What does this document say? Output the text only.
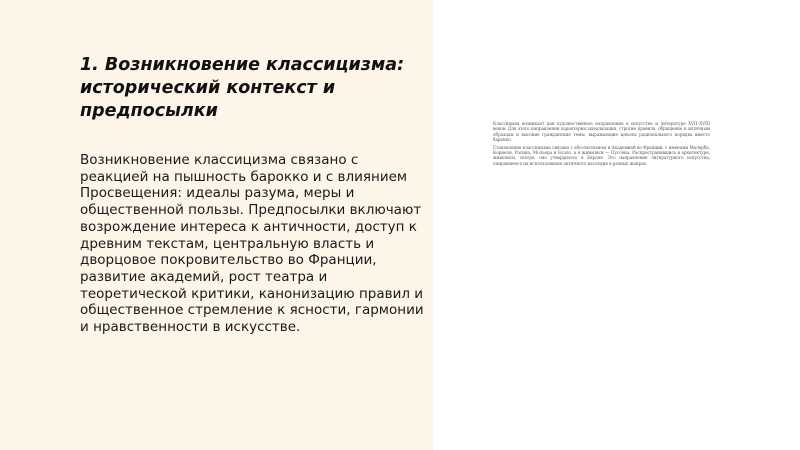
1. Возникновение классицизма: исторический контекст и предпосылки

Возникновение классицизма связано с реакцией на пышность барокко и с влиянием Просвещения: идеалы разума, меры и общественной пользы. Предпосылки включают возрождение интереса к античности, доступ к древним текстам, центральную власть и дворцовое покровительство во Франции, развитие академий, рост театра и теоретической критики, канонизацию правил и общественное стремление к ясности, гармонии и нравственности в искусстве.

Классицизм возникает как художественное направление в искусстве и литературе XVII–XVIII веков. Для этого направления характерны идеализация, строгие правила, обращение к античным образцам и высокие гражданские темы, выражающие идеалы рационального порядка вместо барокко.

Становление классицизма связано с абсолютизмом и Академией во Франции, с именами Малерба, Корнеля, Расина, Мольера и Буало, а в живописи — Пуссена. Распространившись в архитектуре, живописи, театре, оно утвердилось в Европе. Это направление литературного искусства, опиравшееся на использование античного наследия в разных жанрах.
